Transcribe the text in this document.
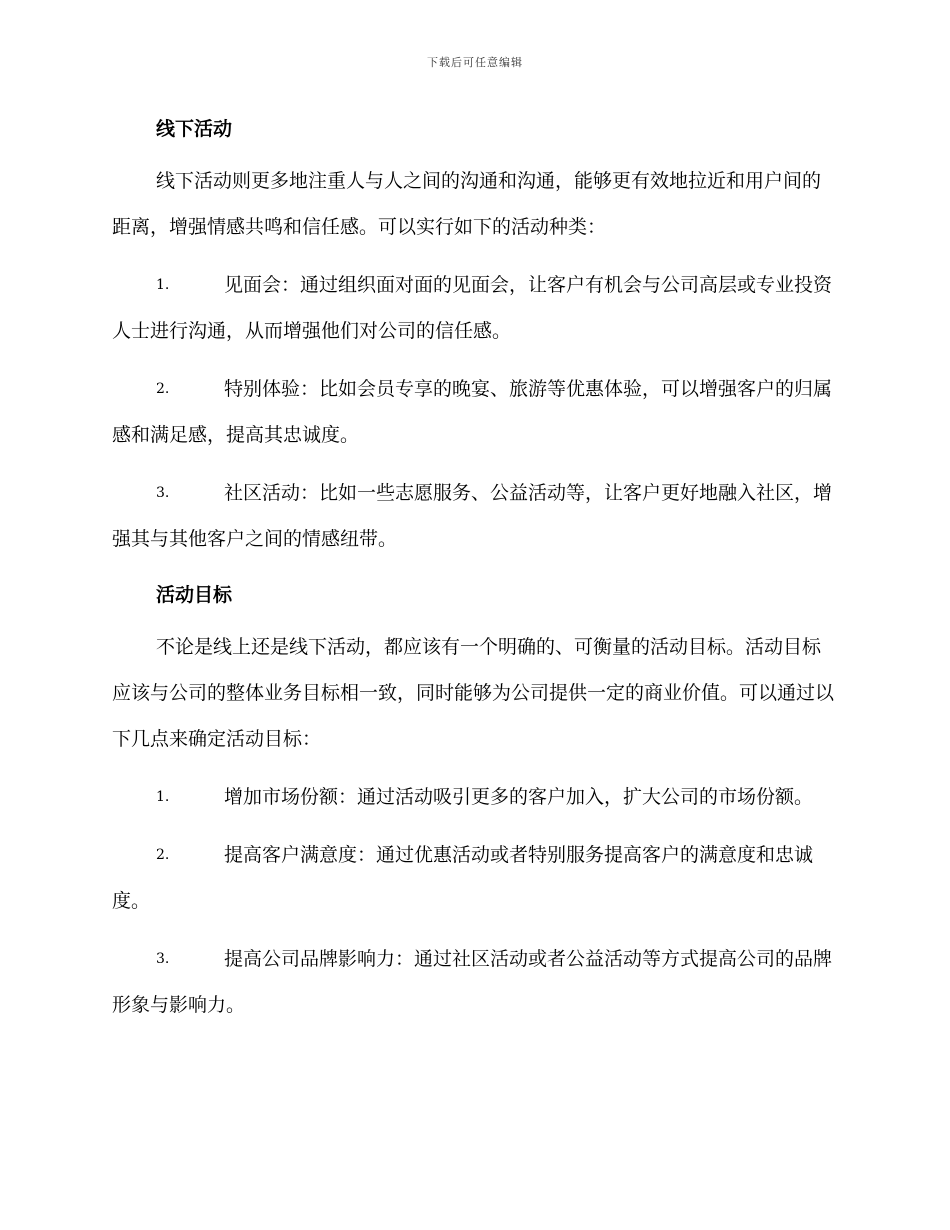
下载后可任意编辑
线下活动

线下活动则更多地注重人与人之间的沟通和沟通，能够更有效地拉近和用户间的距离，增强情感共鸣和信任感。可以实行如下的活动种类：

1.	见面会：通过组织面对面的见面会，让客户有机会与公司高层或专业投资人士进行沟通，从而增强他们对公司的信任感。
2.	特别体验：比如会员专享的晚宴、旅游等优惠体验，可以增强客户的归属感和满足感，提高其忠诚度。
3.	社区活动：比如一些志愿服务、公益活动等，让客户更好地融入社区，增强其与其他客户之间的情感纽带。
活动目标

不论是线上还是线下活动，都应该有一个明确的、可衡量的活动目标。活动目标应该与公司的整体业务目标相一致，同时能够为公司提供一定的商业价值。可以通过以下几点来确定活动目标：

1.	增加市场份额：通过活动吸引更多的客户加入，扩大公司的市场份额。
2.	提高客户满意度：通过优惠活动或者特别服务提高客户的满意度和忠诚度。
3.	提高公司品牌影响力：通过社区活动或者公益活动等方式提高公司的品牌形象与影响力。
